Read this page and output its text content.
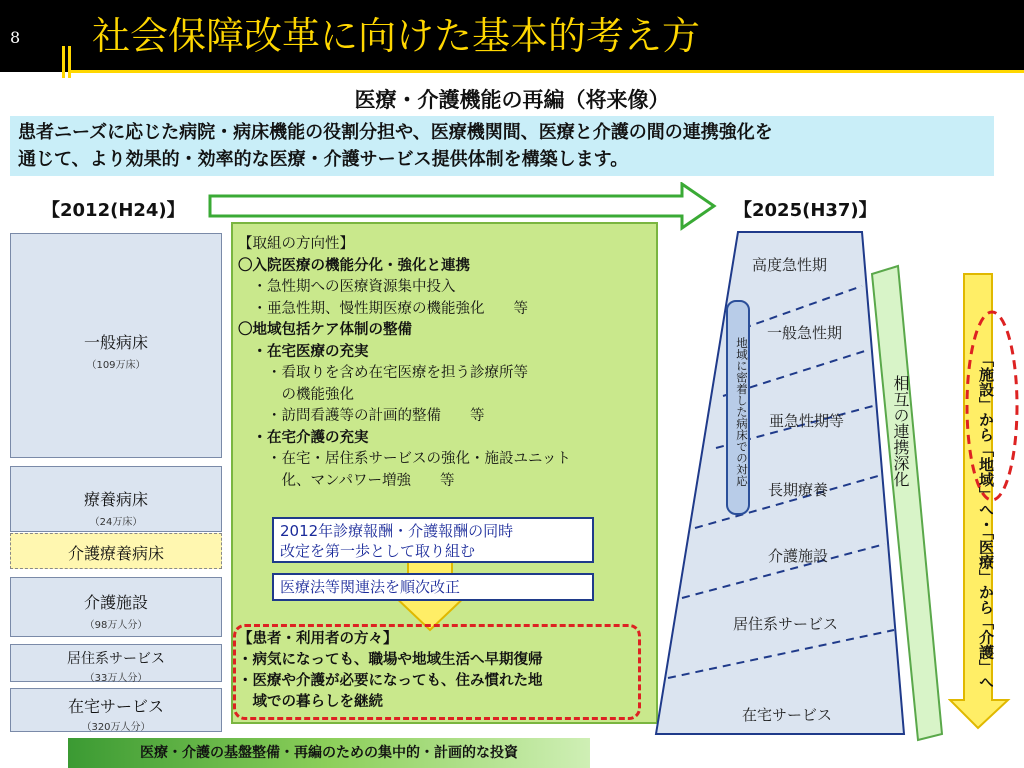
8 社会保障改革に向けた基本的考え方
医療・介護機能の再編（将来像）
患者ニーズに応じた病院・病床機能の役割分担や、医療機関間、医療と介護の間の連携強化を
通じて、より効果的・効率的な医療・介護サービス提供体制を構築します。
【2012(H24)】	【2025(H37)】
一般病床
（109万床）
療養病床
（24万床）
介護療養病床
介護施設
（98万人分）
居住系サービス
（33万人分）
在宅サービス
（320万人分）
【取組の方向性】
〇入院医療の機能分化・強化と連携
　・急性期への医療資源集中投入
　・亜急性期、慢性期医療の機能強化　　等
〇地域包括ケア体制の整備
　・在宅医療の充実
　　・看取りを含め在宅医療を担う診療所等
　　　の機能強化
　　・訪問看護等の計画的整備　　等
　・在宅介護の充実
　　・在宅・居住系サービスの強化・施設ユニット
　　　化、マンパワー増強　　等
2012年診療報酬・介護報酬の同時
改定を第一歩として取り組む
医療法等関連法を順次改正
【患者・利用者の方々】
・病気になっても、職場や地域生活へ早期復帰
・医療や介護が必要になっても、住み慣れた地
　域での暮らしを継続
高度急性期
一般急性期
亜急性期等
長期療養
介護施設
居住系サービス
在宅サービス
地域に密着した病床での対応	相互の連携深化	「施設」から「地域」へ・「医療」から「介護」へ
医療・介護の基盤整備・再編のための集中的・計画的な投資
